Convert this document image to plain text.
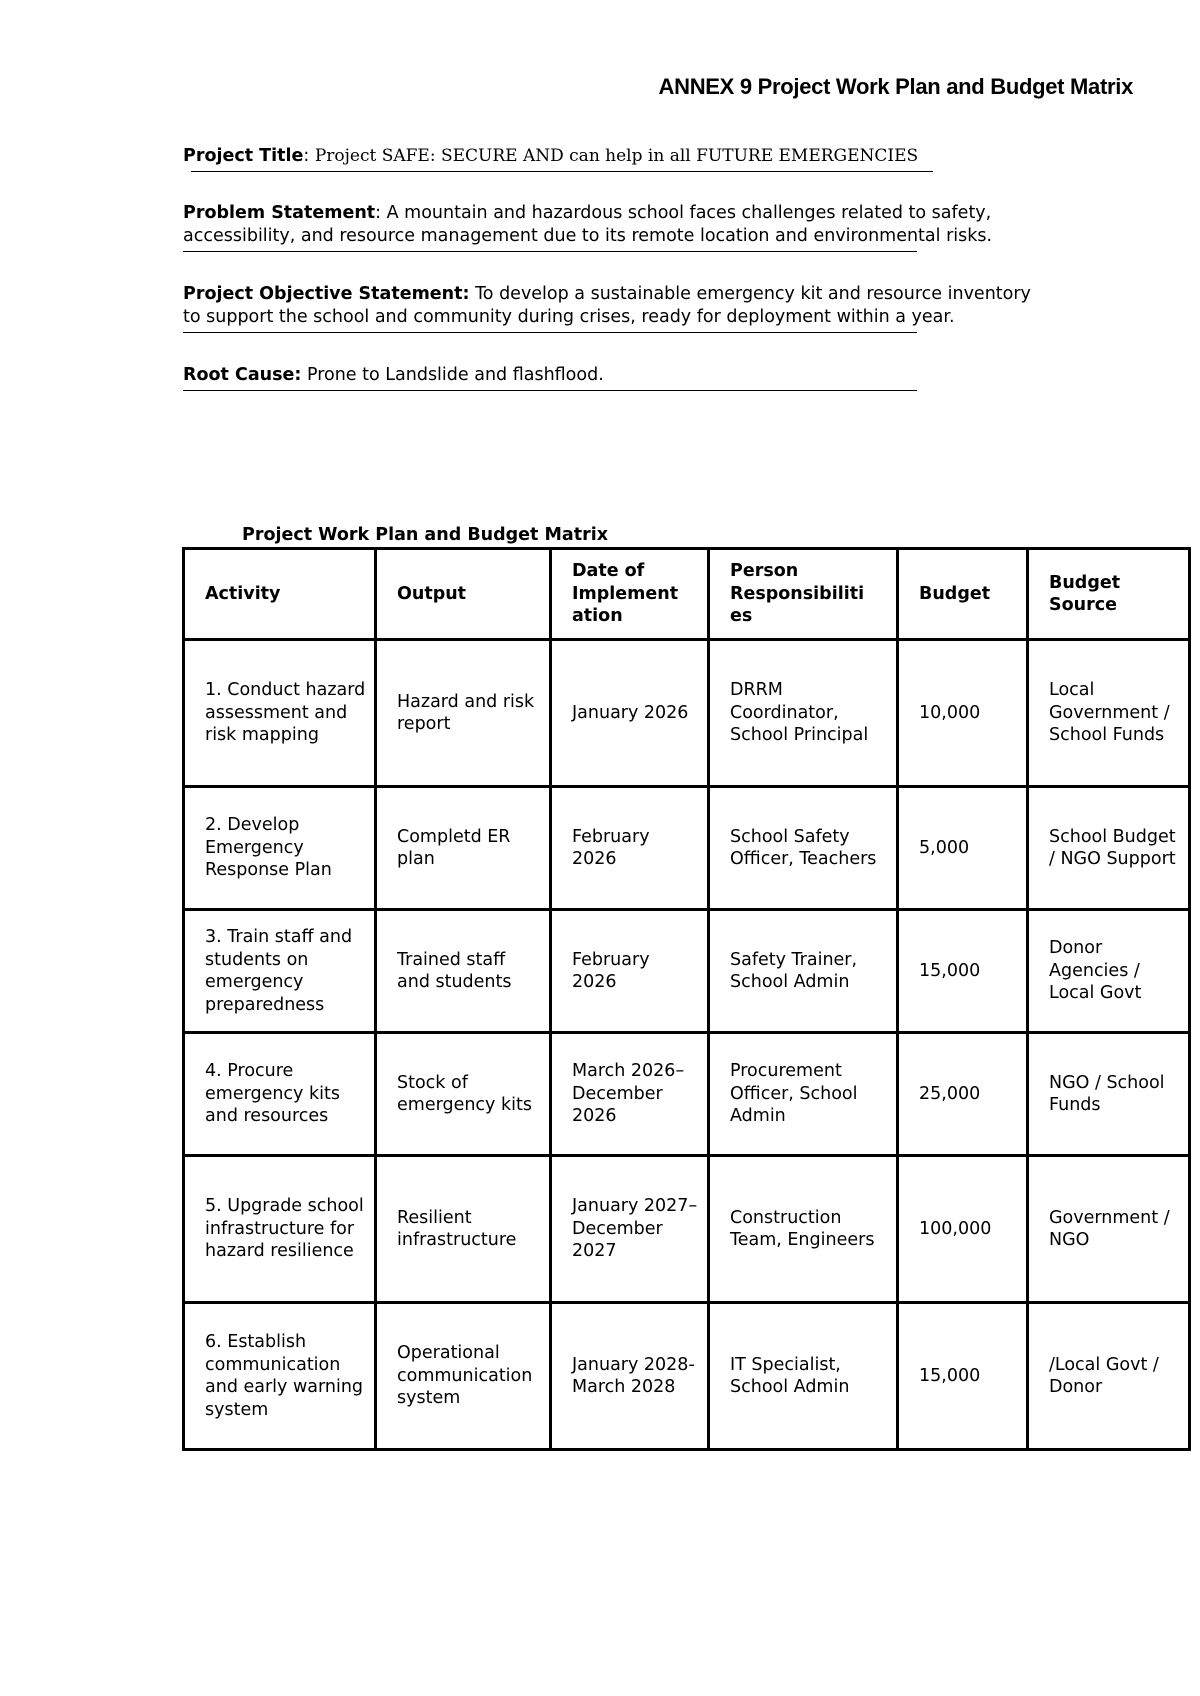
ANNEX 9 Project Work Plan and Budget Matrix

Project Title: Project SAFE: SECURE AND can help in all FUTURE EMERGENCIES

Problem Statement: A mountain and hazardous school faces challenges related to safety, accessibility, and resource management due to its remote location and environmental risks.

Project Objective Statement: To develop a sustainable emergency kit and resource inventory to support the school and community during crises, ready for deployment within a year.

Root Cause: Prone to Landslide and flashflood.

Project Work Plan and Budget Matrix
Activity	Output	Date of Implement ation	Person Responsibiliti es	Budget	Budget Source
1. Conduct hazard assessment and risk mapping	Hazard and risk report	January 2026	DRRM Coordinator, School Principal	10,000	Local Government / School Funds
2. Develop Emergency Response Plan	Completd ER plan	February 2026	School Safety Officer, Teachers	5,000	School Budget / NGO Support
3. Train staff and students on emergency preparedness	Trained staff and students	February 2026	Safety Trainer, School Admin	15,000	Donor Agencies / Local Govt
4. Procure emergency kits and resources	Stock of emergency kits	March 2026–December 2026	Procurement Officer, School Admin	25,000	NGO / School Funds
5. Upgrade school infrastructure for hazard resilience	Resilient infrastructure	January 2027–December 2027	Construction Team, Engineers	100,000	Government / NGO
6. Establish communication and early warning system	Operational communication system	January 2028-March 2028	IT Specialist, School Admin	15,000	/Local Govt / Donor
